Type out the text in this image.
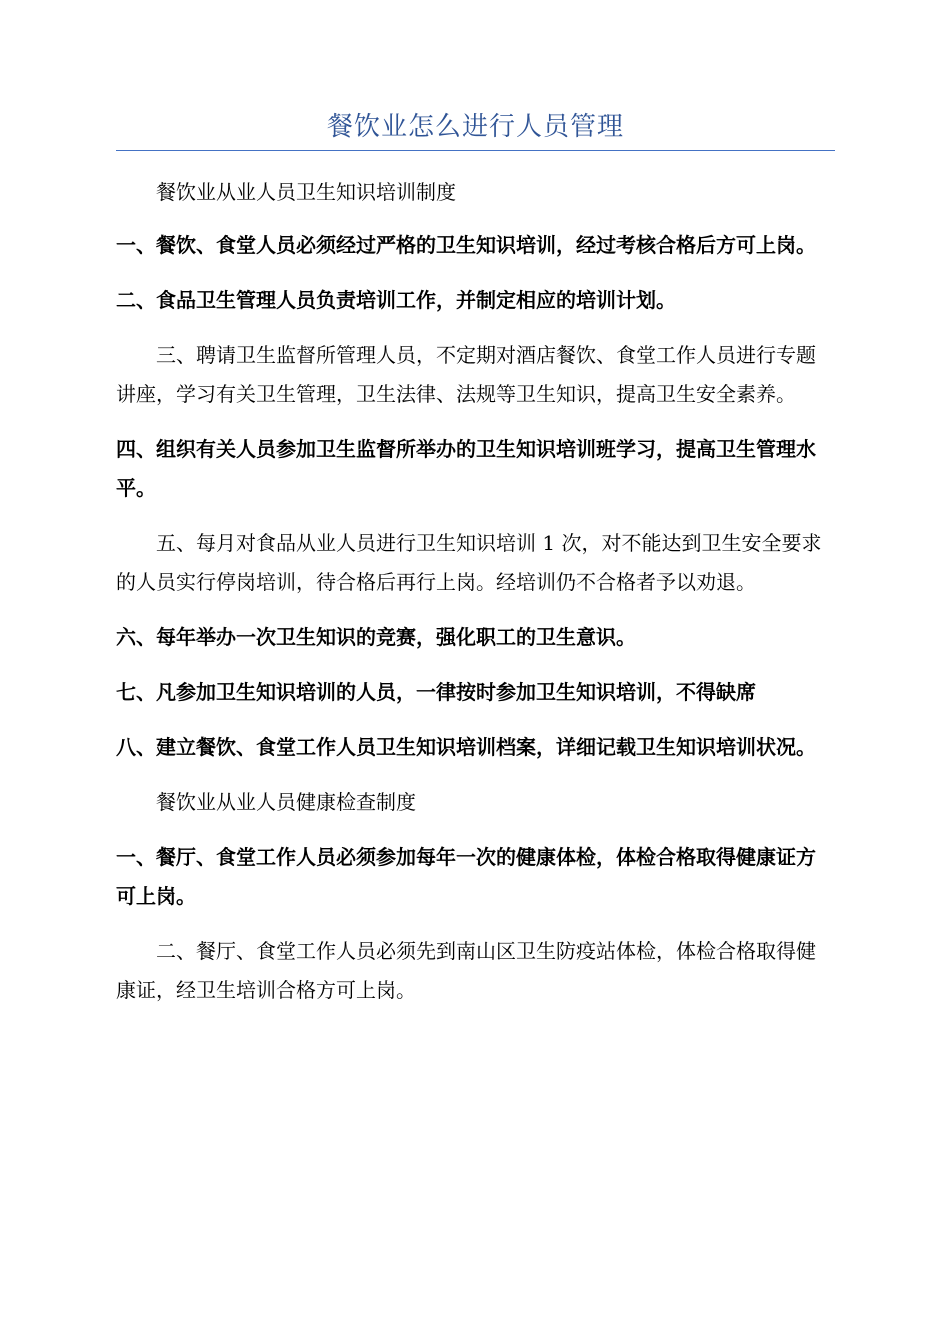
餐饮业怎么进行人员管理

餐饮业从业人员卫生知识培训制度

一、餐饮、食堂人员必须经过严格的卫生知识培训，经过考核合格后方可上岗。

二、食品卫生管理人员负责培训工作，并制定相应的培训计划。

三、聘请卫生监督所管理人员，不定期对酒店餐饮、食堂工作人员进行专题讲座，学习有关卫生管理，卫生法律、法规等卫生知识，提高卫生安全素养。

四、组织有关人员参加卫生监督所举办的卫生知识培训班学习，提高卫生管理水平。

五、每月对食品从业人员进行卫生知识培训 1 次，对不能达到卫生安全要求的人员实行停岗培训，待合格后再行上岗。经培训仍不合格者予以劝退。

六、每年举办一次卫生知识的竞赛，强化职工的卫生意识。

七、凡参加卫生知识培训的人员，一律按时参加卫生知识培训，不得缺席

八、建立餐饮、食堂工作人员卫生知识培训档案，详细记载卫生知识培训状况。

餐饮业从业人员健康检查制度

一、餐厅、食堂工作人员必须参加每年一次的健康体检，体检合格取得健康证方可上岗。

二、餐厅、食堂工作人员必须先到南山区卫生防疫站体检，体检合格取得健康证，经卫生培训合格方可上岗。
